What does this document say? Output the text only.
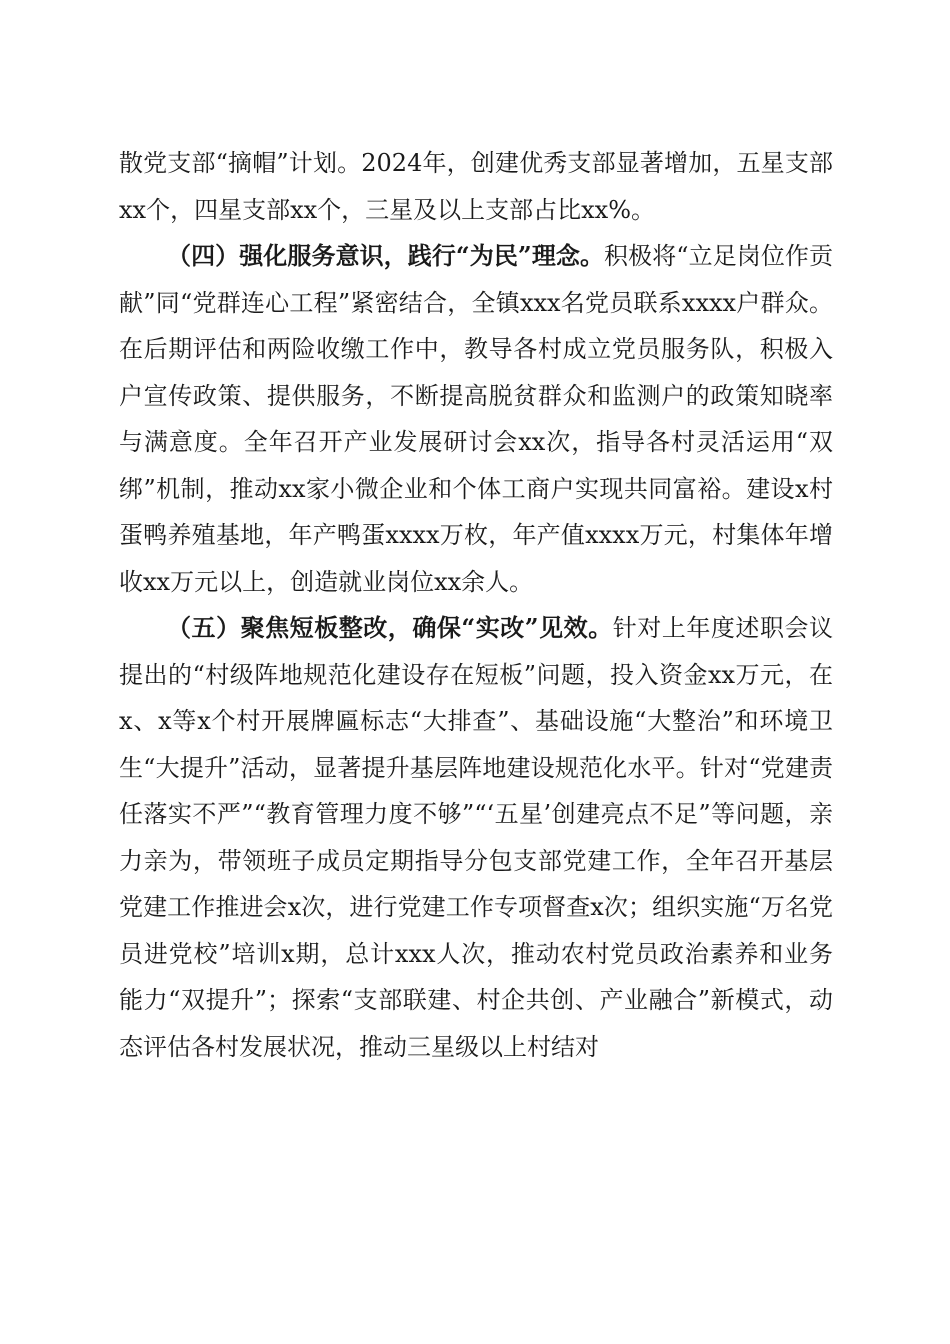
散党支部“摘帽”计划。2024年，创建优秀支部显著增加，五星支部xx个，四星支部xx个，三星及以上支部占比xx%。

（四）强化服务意识，践行“为民”理念。积极将“立足岗位作贡献”同“党群连心工程”紧密结合，全镇xxx名党员联系xxxx户群众。在后期评估和两险收缴工作中，教导各村成立党员服务队，积极入户宣传政策、提供服务，不断提高脱贫群众和监测户的政策知晓率与满意度。全年召开产业发展研讨会xx次，指导各村灵活运用“双绑”机制，推动xx家小微企业和个体工商户实现共同富裕。建设x村蛋鸭养殖基地，年产鸭蛋xxxx万枚，年产值xxxx万元，村集体年增收xx万元以上，创造就业岗位xx余人。

（五）聚焦短板整改，确保“实改”见效。针对上年度述职会议提出的“村级阵地规范化建设存在短板”问题，投入资金xx万元，在x、x等x个村开展牌匾标志“大排查”、基础设施“大整治”和环境卫生“大提升”活动，显著提升基层阵地建设规范化水平。针对“党建责任落实不严”“教育管理力度不够”“‘五星’创建亮点不足”等问题，亲力亲为，带领班子成员定期指导分包支部党建工作，全年召开基层党建工作推进会x次，进行党建工作专项督查x次；组织实施“万名党员进党校”培训x期，总计xxx人次，推动农村党员政治素养和业务能力“双提升”；探索“支部联建、村企共创、产业融合”新模式，动态评估各村发展状况，推动三星级以上村结对
